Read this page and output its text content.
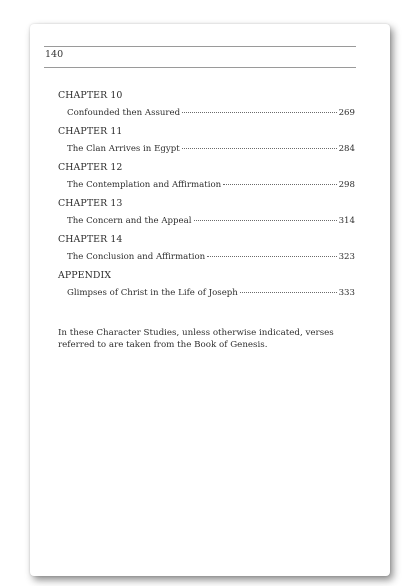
140
CHAPTER 10
Confounded then Assured	269
CHAPTER 11
The Clan Arrives in Egypt	284
CHAPTER 12
The Contemplation and Affirmation	298
CHAPTER 13
The Concern and the Appeal	314
CHAPTER 14
The Conclusion and Affirmation	323
APPENDIX
Glimpses of Christ in the Life of Joseph	333
In these Character Studies, unless otherwise indicated, verses referred to are taken from the Book of Genesis.
